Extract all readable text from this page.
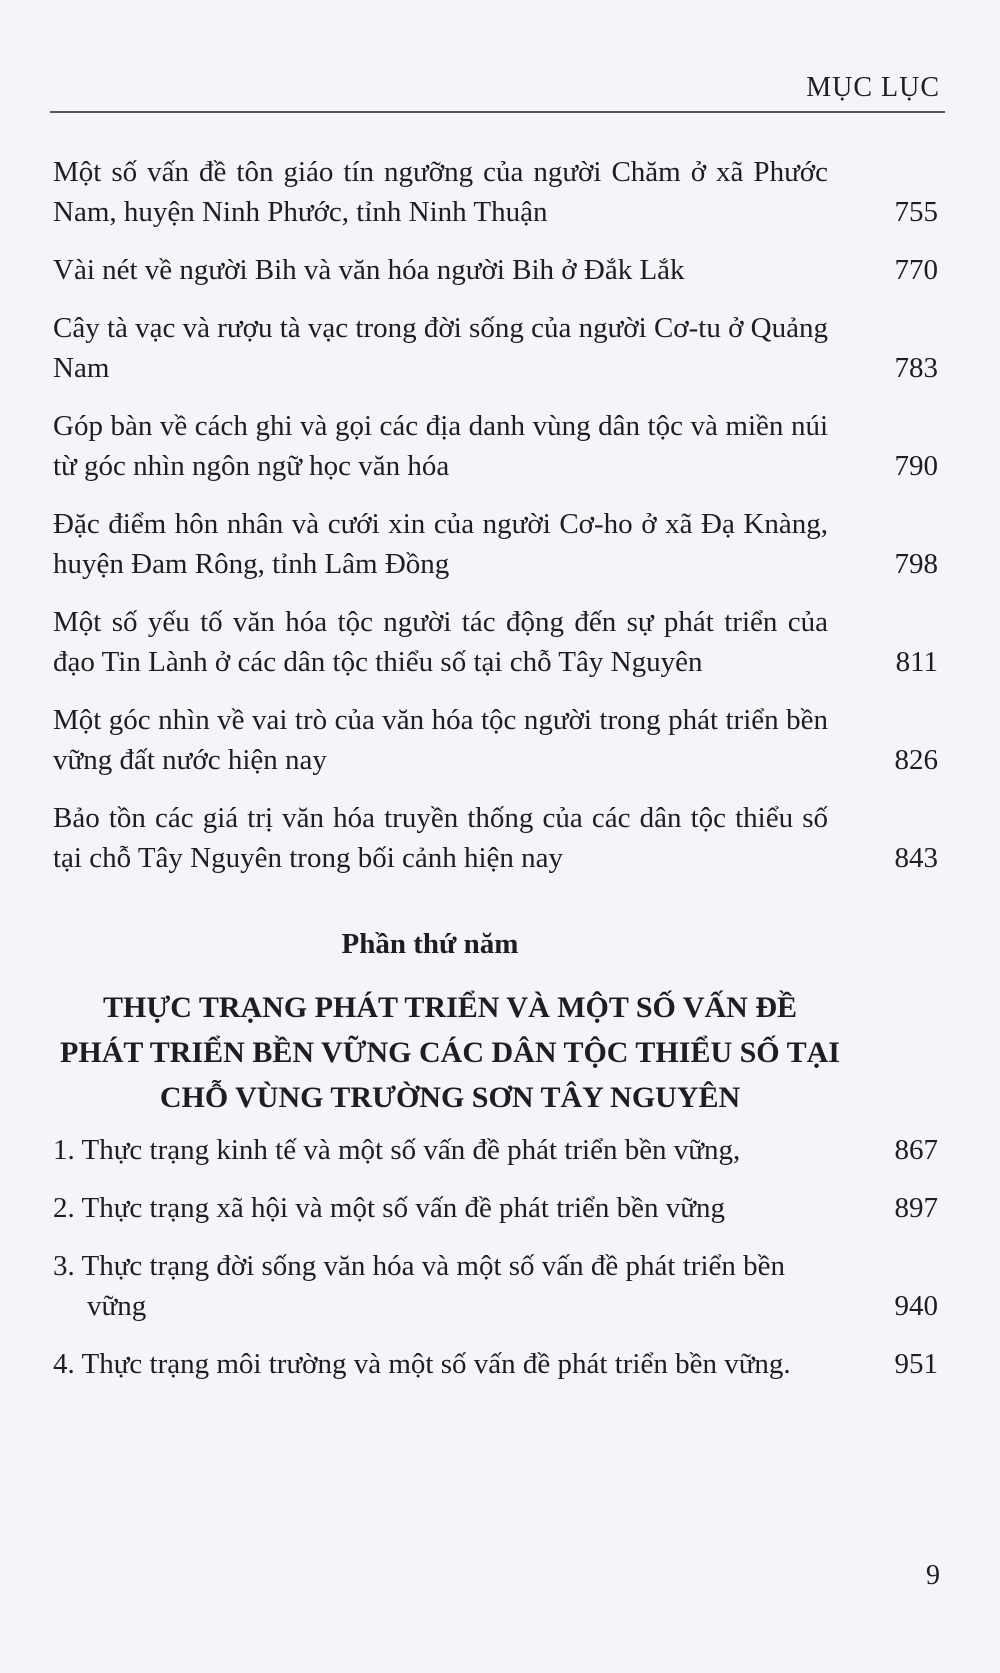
MỤC LỤC
Một số vấn đề tôn giáo tín ngưỡng của người Chăm ở xã Phước Nam, huyện Ninh Phước, tỉnh Ninh Thuận	755
Vài nét về người Bih và văn hóa người Bih ở Đắk Lắk	770
Cây tà vạc và rượu tà vạc trong đời sống của người Cơ-tu ở Quảng Nam	783
Góp bàn về cách ghi và gọi các địa danh vùng dân tộc và miền núi từ góc nhìn ngôn ngữ học văn hóa	790
Đặc điểm hôn nhân và cưới xin của người Cơ-ho ở xã Đạ Knàng, huyện Đam Rông, tỉnh Lâm Đồng	798
Một số yếu tố văn hóa tộc người tác động đến sự phát triển của đạo Tin Lành ở các dân tộc thiểu số tại chỗ Tây Nguyên	811
Một góc nhìn về vai trò của văn hóa tộc người trong phát triển bền vững đất nước hiện nay	826
Bảo tồn các giá trị văn hóa truyền thống của các dân tộc thiểu số tại chỗ Tây Nguyên trong bối cảnh hiện nay	843
Phần thứ năm
THỰC TRẠNG PHÁT TRIỂN VÀ MỘT SỐ VẤN ĐỀ PHÁT TRIỂN BỀN VỮNG CÁC DÂN TỘC THIỂU SỐ TẠI CHỖ VÙNG TRƯỜNG SƠN TÂY NGUYÊN
1. Thực trạng kinh tế và một số vấn đề phát triển bền vững,	867
2. Thực trạng xã hội và một số vấn đề phát triển bền vững	897
3. Thực trạng đời sống văn hóa và một số vấn đề phát triển bền vững	940
4. Thực trạng môi trường và một số vấn đề phát triển bền vững.	951
9
